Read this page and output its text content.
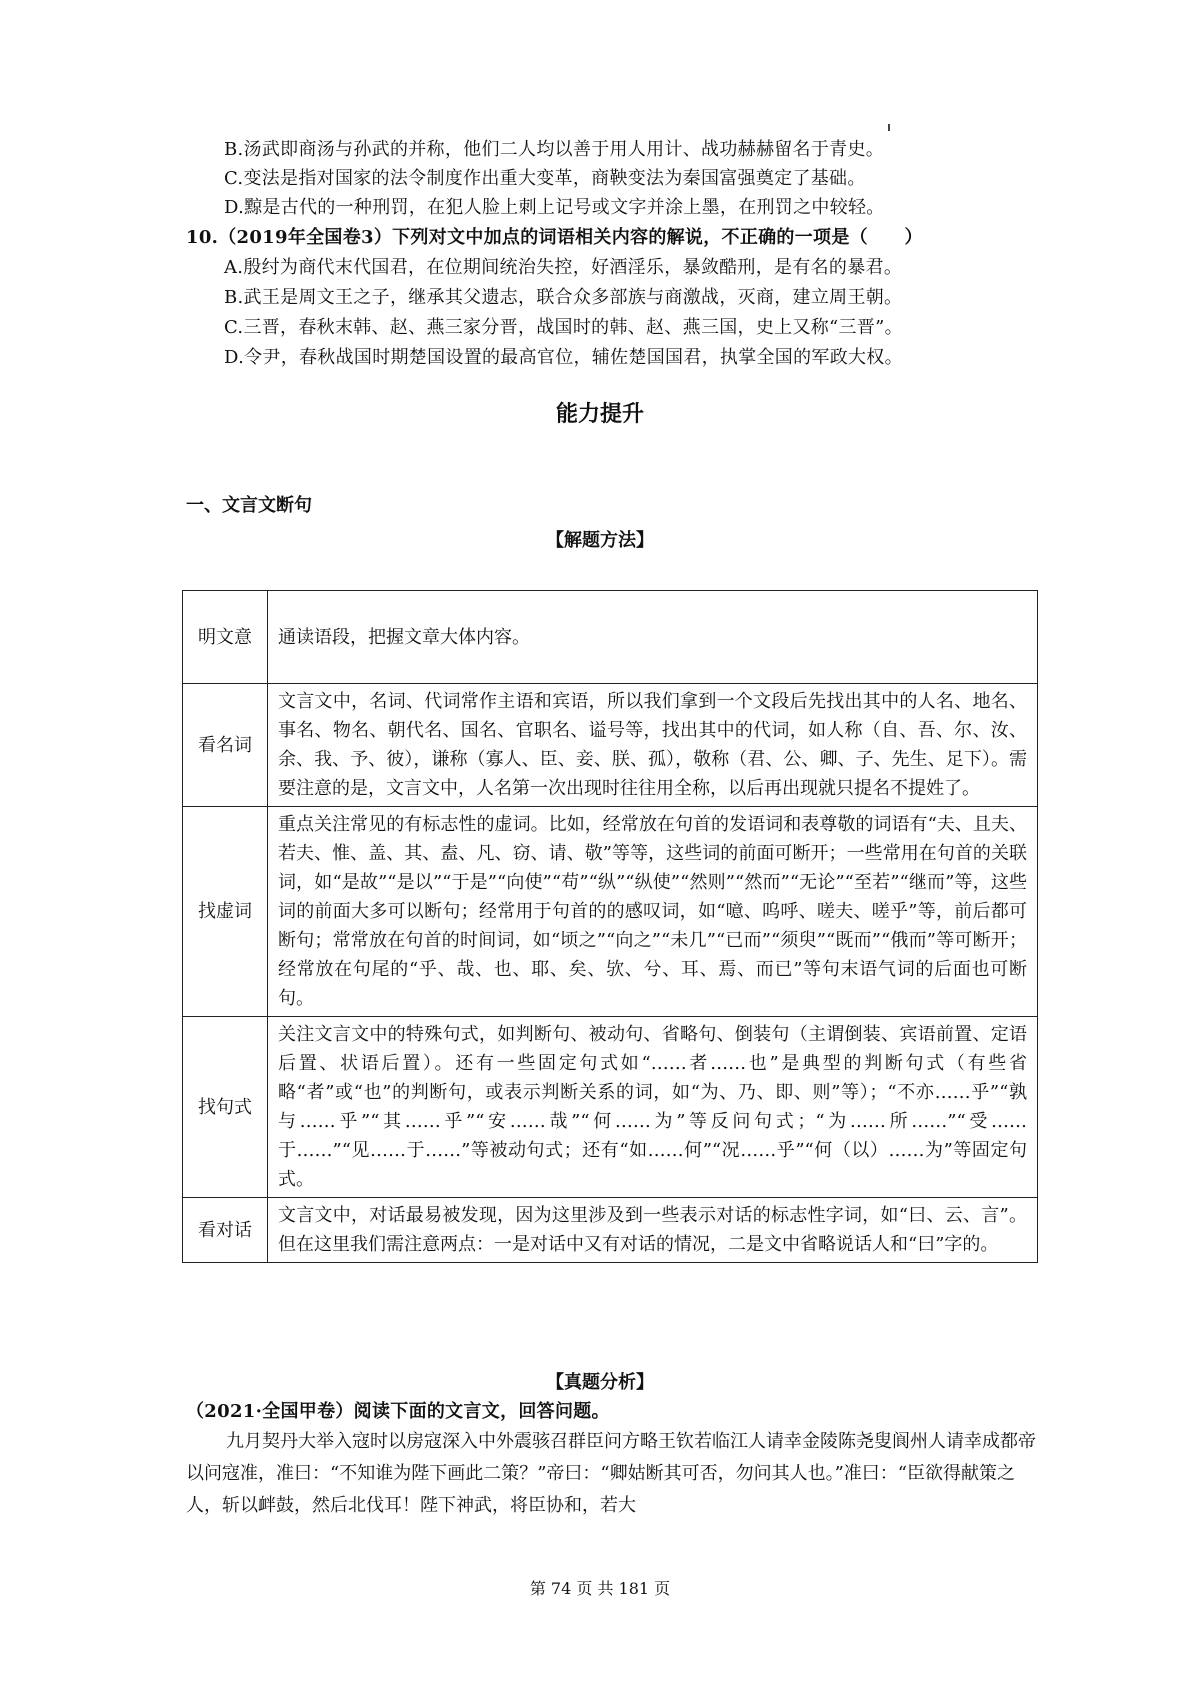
B.汤武即商汤与孙武的并称，他们二人均以善于用人用计、战功赫赫留名于青史。
C.变法是指对国家的法令制度作出重大变革，商鞅变法为秦国富强奠定了基础。
D.黥是古代的一种刑罚，在犯人脸上刺上记号或文字并涂上墨，在刑罚之中较轻。
10.（2019年全国卷3）下列对文中加点的词语相关内容的解说，不正确的一项是（　　）
A.殷纣为商代末代国君，在位期间统治失控，好酒淫乐，暴敛酷刑，是有名的暴君。
B.武王是周文王之子，继承其父遗志，联合众多部族与商激战，灭商，建立周王朝。
C.三晋，春秋末韩、赵、燕三家分晋，战国时的韩、赵、燕三国，史上又称“三晋”。
D.令尹，春秋战国时期楚国设置的最高官位，辅佐楚国国君，执掌全国的军政大权。
能力提升
一、文言文断句
【解题方法】
明文意	通读语段，把握文章大体内容。
看名词	文言文中，名词、代词常作主语和宾语，所以我们拿到一个文段后先找出其中的人名、地名、事名、物名、朝代名、国名、官职名、谥号等，找出其中的代词，如人称（自、吾、尔、汝、余、我、予、彼），谦称（寡人、臣、妾、朕、孤），敬称（君、公、卿、子、先生、足下）。需要注意的是，文言文中，人名第一次出现时往往用全称，以后再出现就只提名不提姓了。
找虚词	重点关注常见的有标志性的虚词。比如，经常放在句首的发语词和表尊敬的词语有“夫、且夫、若夫、惟、盖、其、盍、凡、窃、请、敬”等等，这些词的前面可断开；一些常用在句首的关联词，如“是故”“是以”“于是”“向使”“苟”“纵”“纵使”“然则”“然而”“无论”“至若”“继而”等，这些词的前面大多可以断句；经常用于句首的的感叹词，如“噫、呜呼、嗟夫、嗟乎”等，前后都可断句；常常放在句首的时间词，如“顷之”“向之”“未几”“已而”“须臾”“既而”“俄而”等可断开；经常放在句尾的“乎、哉、也、耶、矣、欤、兮、耳、焉、而已”等句末语气词的后面也可断句。
找句式	关注文言文中的特殊句式，如判断句、被动句、省略句、倒装句（主谓倒装、宾语前置、定语后置、状语后置）。还有一些固定句式如“……者……也”是典型的判断句式（有些省略“者”或“也”的判断句，或表示判断关系的词，如“为、乃、即、则”等）；“不亦……乎”“孰与……乎”“其……乎”“安……哉”“何……为”等反问句式；“为……所……”“受……于……”“见……于……”等被动句式；还有“如……何”“况……乎”“何（以）……为”等固定句式。
看对话	文言文中，对话最易被发现，因为这里涉及到一些表示对话的标志性字词，如“曰、云、言”。但在这里我们需注意两点：一是对话中又有对话的情况，二是文中省略说话人和“曰”字的。
【真题分析】
（2021·全国甲卷）阅读下面的文言文，回答问题。
九月契丹大举入寇时以房寇深入中外震骇召群臣问方略王钦若临江人请幸金陵陈尧叟阆州人请幸成都帝以问寇准，准曰：“不知谁为陛下画此二策？”帝曰：“卿姑断其可否，勿问其人也。”准曰：“臣欲得献策之人，斩以衅鼓，然后北伐耳！陛下神武，将臣协和，若大
第 74 页 共 181 页
